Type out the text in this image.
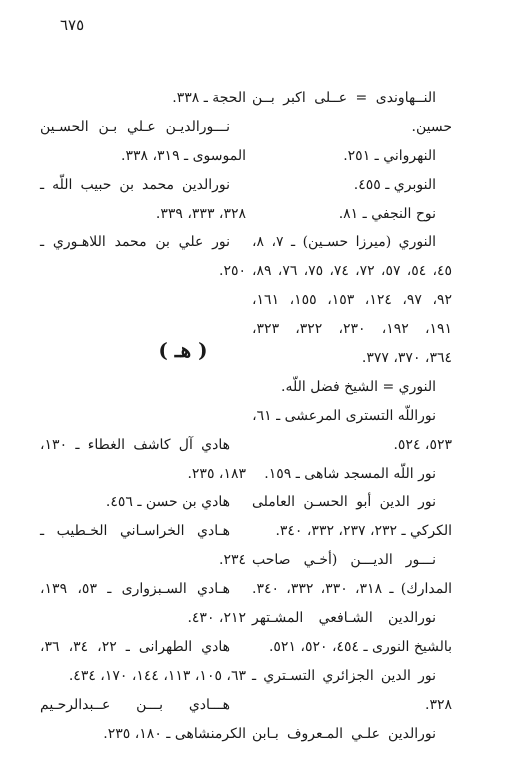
٦٧٥
النــهاوندى = عــلى اكبر بــن
حسين.
النهرواني ـ ٢٥١.
النوبري ـ ٤٥٥.
نوح النجفي ـ ٨١.
النوري (ميرزا حسـين) ـ ٧، ٨،
٤٥، ٥٤، ٥٧، ٧٢، ٧٤، ٧٥، ٧٦، ٨٩،
٩٢، ٩٧، ١٢٤، ١٥٣، ١٥٥، ١٦١،
١٩١، ١٩٢، ٢٣٠، ٣٢٢، ٣٢٣،
٣٦٤، ٣٧٠، ٣٧٧.
النوري = الشيخ فضل اللّه.
نوراللّه التسترى المرعشى ـ ٦١،
٥٢٣، ٥٢٤.
نور اللّه المسجد شاهى ـ ١٥٩.
نور الدين أبو الحسـن العاملى
الكركي ـ ٢٣٢، ٢٣٧، ٣٣٢، ٣٤٠.
نـــور الديـــن (أخـي صاحب
المدارك) ـ ٣١٨، ٣٣٠، ٣٣٢، ٣٤٠.
نورالدين الشـافعي المشـتهر
بالشيخ النورى ـ ٤٥٤، ٥٢٠، ٥٢١.
نور الدين الجزائري التسـتري ـ
٣٢٨.
نورالدين علـي المـعروف بـابن
الحجة ـ ٣٣٨.
نـــورالديـن عـلي بـن الحسـين
الموسوى ـ ٣١٩، ٣٣٨.
نورالدين محمد بن حبيب اللّه ـ
٣٢٨، ٣٣٣، ٣٣٩.
نور علي بن محمد اللاهـوري ـ
٢٥٠.
هادي آل كاشف الغطاء ـ ١٣٠،
١٨٣، ٢٣٥.
هادي بن حسن ـ ٤٥٦.
هـادي الخراسـاني الخـطيب ـ
٢٣٤.
هـادي السـبزوارى ـ ٥٣، ١٣٩،
٢١٢، ٤٣٠.
هادي الطهرانى ـ ٢٢، ٣٤، ٣٦،
٦٣، ١٠٥، ١١٣، ١٤٤، ١٧٠، ٤٣٤.
هـــادي بـــن عــبدالرحـيم
الكرمنشاهى ـ ١٨٠، ٢٣٥.
( هـ )
